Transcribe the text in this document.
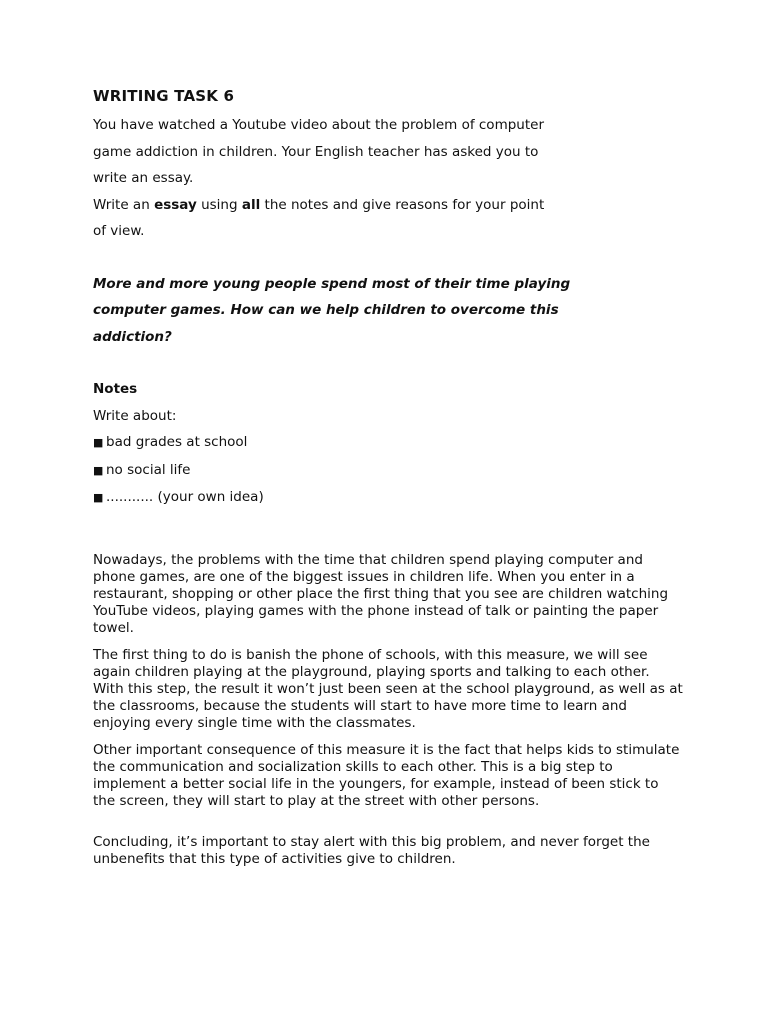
WRITING TASK 6

You have watched a Youtube video about the problem of computer

game addiction in children. Your English teacher has asked you to

write an essay.

Write an essay using all the notes and give reasons for your point

of view.

More and more young people spend most of their time playing
computer games. How can we help children to overcome this
addiction?
Notes

Write about:

■ bad grades at school

■ no social life

■ ........... (your own idea)

Nowadays, the problems with the time that children spend playing computer and phone games, are one of the biggest issues in children life. When you enter in a restaurant, shopping or other place the first thing that you see are children watching YouTube videos, playing games with the phone instead of talk or painting the paper towel.

The first thing to do is banish the phone of schools, with this measure, we will see again children playing at the playground, playing sports and talking to each other. With this step, the result it won’t just been seen at the school playground, as well as at the classrooms, because the students will start to have more time to learn and enjoying every single time with the classmates.

Other important consequence of this measure it is the fact that helps kids to stimulate the communication and socialization skills to each other. This is a big step to implement a better social life in the youngers, for example, instead of been stick to the screen, they will start to play at the street with other persons.

Concluding, it’s important to stay alert with this big problem, and never forget the unbenefits that this type of activities give to children.
